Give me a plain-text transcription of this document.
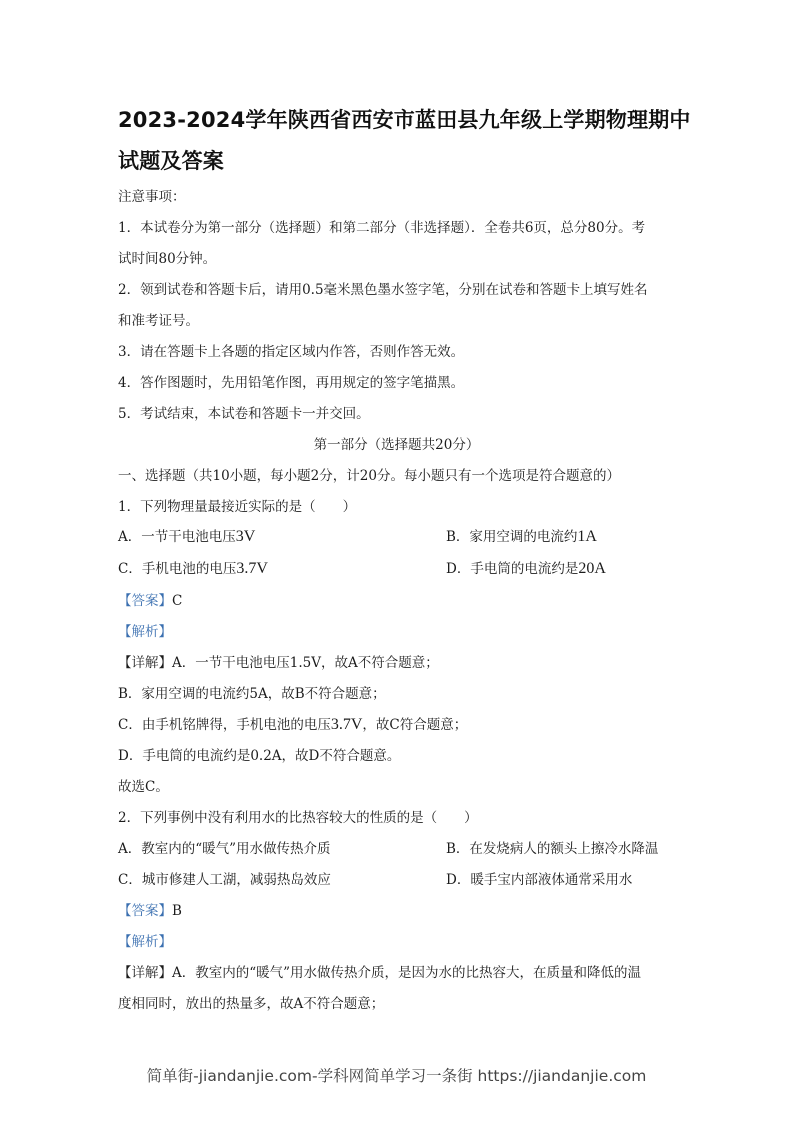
2023-2024学年陕西省西安市蓝田县九年级上学期物理期中
试题及答案
注意事项：
1．本试卷分为第一部分（选择题）和第二部分（非选择题）．全卷共6页，总分80分。考
试时间80分钟。
2．领到试卷和答题卡后，请用0.5毫米黑色墨水签字笔，分别在试卷和答题卡上填写姓名
和准考证号。
3．请在答题卡上各题的指定区域内作答，否则作答无效。
4．答作图题时，先用铅笔作图，再用规定的签字笔描黑。
5．考试结束，本试卷和答题卡一并交回。
第一部分（选择题共20分）
一、选择题（共10小题，每小题2分，计20分。每小题只有一个选项是符合题意的）
1．下列物理量最接近实际的是（　　）
A．一节干电池电压3V	B．家用空调的电流约1A
C．手机电池的电压3.7V	D．手电筒的电流约是20A
【答案】C
【解析】
【详解】A．一节干电池电压1.5V，故A不符合题意；
B．家用空调的电流约5A，故B不符合题意；
C．由手机铭牌得，手机电池的电压3.7V，故C符合题意；
D．手电筒的电流约是0.2A，故D不符合题意。
故选C。
2．下列事例中没有利用水的比热容较大的性质的是（　　）
A．教室内的“暖气”用水做传热介质	B．在发烧病人的额头上擦冷水降温
C．城市修建人工湖，减弱热岛效应	D．暖手宝内部液体通常采用水
【答案】B
【解析】
【详解】A．教室内的“暖气”用水做传热介质，是因为水的比热容大，在质量和降低的温
度相同时，放出的热量多，故A不符合题意；
简单街-jiandanjie.com-学科网简单学习一条街 https://jiandanjie.com
